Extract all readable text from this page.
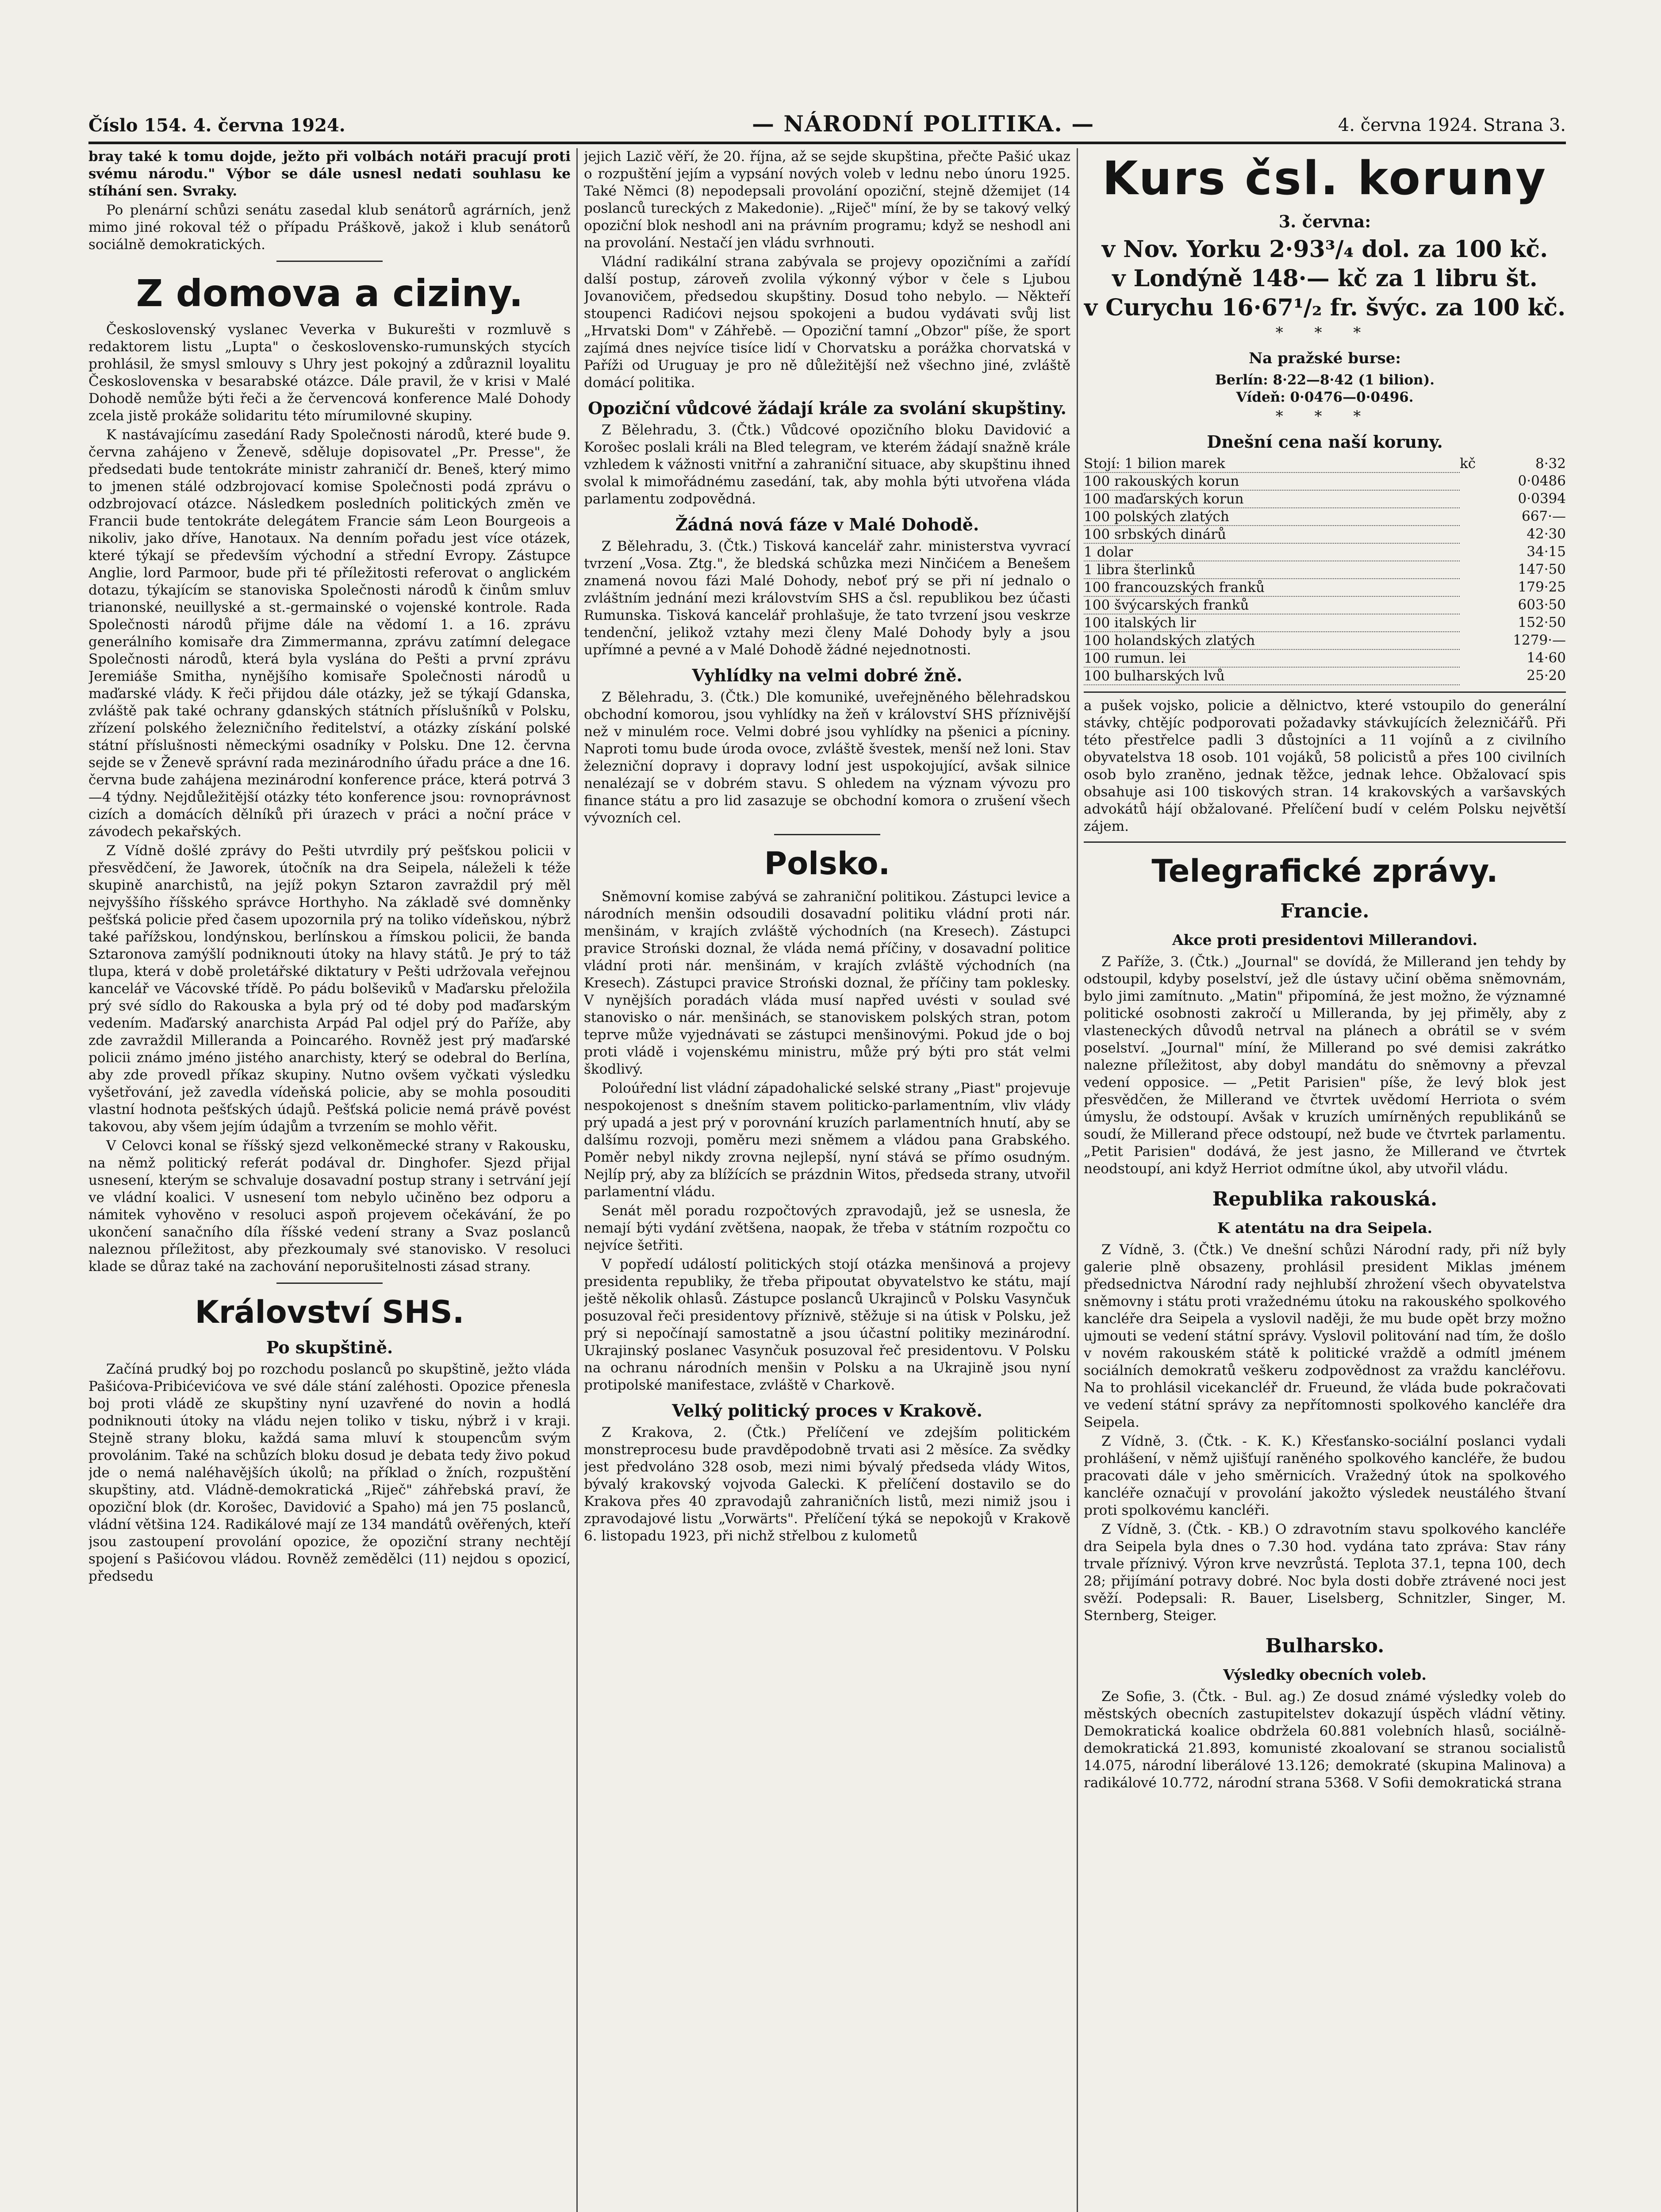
Číslo 154. 4. června 1924.	— NÁRODNÍ POLITIKA. —	4. června 1924. Strana 3.

bray také k tomu dojde, ježto při volbách notáři pracují proti svému národu." Výbor se dále usnesl nedati souhlasu ke stíhání sen. Svraky.

Po plenární schůzi senátu zasedal klub senátorů agrárních, jenž mimo jiné rokoval též o případu Práškově, jakož i klub senátorů sociálně demokratických.

Z domova a ciziny.

Československý vyslanec Veverka v Bukurešti v rozmluvě s redaktorem listu „Lupta" o československo-rumunských stycích prohlásil, že smysl smlouvy s Uhry jest pokojný a zdůraznil loyalitu Československa v besarabské otázce. Dále pravil, že v krisi v Malé Dohodě nemůže býti řeči a že červencová konference Malé Dohody zcela jistě prokáže solidaritu této mírumilovné skupiny.

K nastávajícímu zasedání Rady Společnosti národů, které bude 9. června zahájeno v Ženevě, sděluje dopisovatel „Pr. Presse", že předsedati bude tentokráte ministr zahraničí dr. Beneš, který mimo to jmenen stálé odzbrojovací komise Společnosti podá zprávu o odzbrojovací otázce. Následkem posledních politických změn ve Francii bude tentokráte delegátem Francie sám Leon Bourgeois a nikoliv, jako dříve, Hanotaux. Na denním pořadu jest více otázek, které týkají se především východní a střední Evropy. Zástupce Anglie, lord Parmoor, bude při té příležitosti referovat o anglickém dotazu, týkajícím se stanoviska Společnosti národů k činům smluv trianonské, neuillyské a st.-germainské o vojenské kontrole. Rada Společnosti národů přijme dále na vědomí 1. a 16. zprávu generálního komisaře dra Zimmermanna, zprávu zatímní delegace Společnosti národů, která byla vyslána do Pešti a první zprávu Jeremiáše Smitha, nynějšího komisaře Společnosti národů u maďarské vlády. K řeči přijdou dále otázky, jež se týkají Gdanska, zvláště pak také ochrany gdanských státních příslušníků v Polsku, zřízení polského železničního ředitelství, a otázky získání polské státní příslušnosti německými osadníky v Polsku. Dne 12. června sejde se v Ženevě správní rada mezinárodního úřadu práce a dne 16. června bude zahájena mezinárodní konference práce, která potrvá 3—4 týdny. Nejdůležitější otázky této konference jsou: rovnoprávnost cizích a domácích dělníků při úrazech v práci a noční práce v závodech pekařských.

Z Vídně došlé zprávy do Pešti utvrdily prý pešťskou policii v přesvědčení, že Jaworek, útočník na dra Seipela, náleželi k téže skupině anarchistů, na jejíž pokyn Sztaron zavraždil prý měl nejvyššího říšského správce Horthyho. Na základě své domněnky pešťská policie před časem upozornila prý na toliko vídeňskou, nýbrž také pařížskou, londýnskou, berlínskou a římskou policii, že banda Sztaronova zamýšlí podniknouti útoky na hlavy států. Je prý to táž tlupa, která v době proletářské diktatury v Pešti udržovala veřejnou kancelář ve Vácovské třídě. Po pádu bolševiků v Maďarsku přeložila prý své sídlo do Rakouska a byla prý od té doby pod maďarským vedením. Maďarský anarchista Arpád Pal odjel prý do Paříže, aby zde zavraždil Millerandа a Poincarého. Rovněž jest prý maďarské policii známo jméno jistého anarchisty, který se odebral do Berlína, aby zde provedl příkaz skupiny. Nutno ovšem vyčkati výsledku vyšetřování, jež zavedla vídeňská policie, aby se mohla posouditi vlastní hodnota pešťských údajů. Pešťská policie nemá právě povést takovou, aby všem jejím údajům a tvrzením se mohlo věřit.

V Celovci konal se říšský sjezd velkoněmecké strany v Rakousku, na němž politický referát podával dr. Dinghofer. Sjezd přijal usnesení, kterým se schvaluje dosavadní postup strany i setrvání její ve vládní koalici. V usnesení tom nebylo učiněno bez odporu a námitek vyhověno v resoluci aspoň projevem očekávání, že po ukončení sanačního díla říšské vedení strany a Svaz poslanců naleznou příležitost, aby přezkoumaly své stanovisko. V resoluci klade se důraz také na zachování neporušitelnosti zásad strany.

Království SHS.
Po skupštině.

Začíná prudký boj po rozchodu poslanců po skupštině, ježto vláda Pašićova-Pribićevićova ve své dále stání zaléhosti. Opozice přenesla boj proti vládě ze skupštiny nyní uzavřené do novin a hodlá podniknouti útoky na vládu nejen toliko v tisku, nýbrž i v kraji. Stejně strany bloku, každá sama mluví k stoupencům svým provolánim. Také na schůzích bloku dosud je debata tedy živo pokud jde o nemá naléhavějších úkolů; na příklad o žních, rozpuštění skupštiny, atd. Vládně-demokratická „Riječ" záhřebská praví, že opoziční blok (dr. Korošec, Davidović a Spaho) má jen 75 poslanců, vládní většina 124. Radikálové mají ze 134 mandátů ověřených, kteří jsou zastoupení provolání opozice, že opoziční strany nechtějí spojení s Pašićovou vládou. Rovněž zemědělci (11) nejdou s opozicí, předsedu

jejich Lazič věří, že 20. října, až se sejde skupština, přečte Pašić ukaz o rozpuštění jejím a vypsání nových voleb v lednu nebo únoru 1925. Také Němci (8) nepodepsali provolání opoziční, stejně džemijet (14 poslanců tureckých z Makedonie). „Riječ" míní, že by se takový velký opoziční blok neshodl ani na právním programu; když se neshodl ani na provolání. Nestačí jen vládu svrhnouti.

Vládní radikální strana zabývala se projevy opozičními a zařídí další postup, zároveň zvolila výkonný výbor v čele s Ljubou Jovanovičem, předsedou skupštiny. Dosud toho nebylo. — Někteří stoupenci Radićovi nejsou spokojeni a budou vydávati svůj list „Hrvatski Dom" v Záhřebě. — Opoziční tamní „Obzor" píše, že sport zajímá dnes nejvíce tisíce lidí v Chorvatsku a porážka chorvatská v Paříži od Uruguay je pro ně důležitější než všechno jiné, zvláště domácí politika.

Opoziční vůdcové žádají krále za svolání skupštiny.

Z Bělehradu, 3. (Čtk.) Vůdcové opozičního bloku Davidović a Korošec poslali králi na Bled telegram, ve kterém žádají snažně krále vzhledem k vážnosti vnitřní a zahraniční situace, aby skupštinu ihned svolal k mimořádnému zasedání, tak, aby mohla býti utvořena vláda parlamentu zodpovědná.

Žádná nová fáze v Malé Dohodě.

Z Bělehradu, 3. (Čtk.) Tisková kancelář zahr. ministerstva vyvrací tvrzení „Vosa. Ztg.", že bledská schůzka mezi Ninčićem a Benešem znamená novou fázi Malé Dohody, neboť prý se při ní jednalo o zvláštním jednání mezi královstvím SHS a čsl. republikou bez účasti Rumunska. Tisková kancelář prohlašuje, že tato tvrzení jsou veskrze tendenční, jelikož vztahy mezi členy Malé Dohody byly a jsou upřímné a pevné a v Malé Dohodě žádné nejednotnosti.

Vyhlídky na velmi dobré žně.

Z Bělehradu, 3. (Čtk.) Dle komuniké, uveřejněného bělehradskou obchodní komorou, jsou vyhlídky na žeň v království SHS příznivější než v minulém roce. Velmi dobré jsou vyhlídky na pšenici a pícniny. Naproti tomu bude úroda ovoce, zvláště švestek, menší než loni. Stav železniční dopravy i dopravy lodní jest uspokojující, avšak silnice nenalézají se v dobrém stavu. S ohledem na význam vývozu pro finance státu a pro lid zasazuje se obchodní komora o zrušení všech vývozních cel.

Polsko.

Sněmovní komise zabývá se zahraniční politikou. Zástupci levice a národních menšin odsoudili dosavadní politiku vládní proti nár. menšinám, v krajích zvláště východních (na Kresech). Zástupci pravice Stroński doznal, že vláda nemá příčiny, v dosavadní politice vládní proti nár. menšinám, v krajích zvláště východních (na Kresech). Zástupci pravice Stroński doznal, že příčiny tam poklesky. V nynějších poradách vláda musí napřed uvésti v soulad své stanovisko o nár. menšinách, se stanoviskem polských stran, potom teprve může vyjednávati se zástupci menšinovými. Pokud jde o boj proti vládě i vojenskému ministru, může prý býti pro stát velmi škodlivý.

Poloúřední list vládní západohalické selské strany „Piast" projevuje nespokojenost s dnešním stavem politicko-parlamentním, vliv vlády prý upadá a jest prý v porovnání kruzích parlamentních hnutí, aby se dalšímu rozvoji, poměru mezi sněmem a vládou pana Grabského. Poměr nebyl nikdy zrovna nejlepší, nyní stává se přímo osudným. Nejlíp prý, aby za blížících se prázdnin Witos, předseda strany, utvořil parlamentní vládu.

Senát měl poradu rozpočtových zpravodajů, jež se usnesla, že nemají býti vydání zvětšena, naopak, že třeba v státním rozpočtu co nejvíce šetřiti.

V popředí událostí politických stojí otázka menšinová a projevy presidenta republiky, že třeba připoutat obyvatelstvo ke státu, mají ještě několik ohlasů. Zástupce poslanců Ukrajinců v Polsku Vasynčuk posuzoval řeči presidentovy příznivě, stěžuje si na útisk v Polsku, jež prý si nepočínají samostatně a jsou účastní politiky mezinárodní. Ukrajinský poslanec Vasynčuk posuzoval řeč presidentovu. V Polsku na ochranu národních menšin v Polsku a na Ukrajině jsou nyní protipolské manifestace, zvláště v Charkově.

Velký politický proces v Krakově.

Z Krakova, 2. (Čtk.) Přelíčení ve zdejším politickém monstreprocesu bude pravděpodobně trvati asi 2 měsíce. Za svědky jest předvoláno 328 osob, mezi nimi bývalý předseda vlády Witos, bývalý krakovský vojvoda Galecki. K přelíčení dostavilo se do Krakova přes 40 zpravodajů zahraničních listů, mezi nimiž jsou i zpravodajové listu „Vorwärts". Přelíčení týká se nepokojů v Krakově 6. listopadu 1923, při nichž střelbou z kulometů

Kurs čsl. koruny
3. června:
v Nov. Yorku 2·93³/₄ dol. za 100 kč.
v Londýně 148·— kč za 1 libru št.
v Curychu 16·67¹/₂ fr. švýc. za 100 kč.
* * *
Na pražské burse:
Berlín: 8·22—8·42 (1 bilion).
Vídeň: 0·0476—0·0496.
* * *
Dnešní cena naší koruny.
Stojí: 1 bilion marek	kč	8·32
100 rakouských korun		0·0486
100 maďarských korun		0·0394
100 polských zlatých		667·—
100 srbských dinárů		42·30
1 dolar		34·15
1 libra šterlinků		147·50
100 francouzských franků		179·25
100 švýcarských franků		603·50
100 italských lir		152·50
100 holandských zlatých		1279·—
100 rumun. lei		14·60
100 bulharských lvů		25·20

a pušek vojsko, policie a dělnictvo, které vstoupilo do generální stávky, chtějíc podporovati požadavky stávkujících železničářů. Při této přestřelce padli 3 důstojníci a 11 vojínů a z civilního obyvatelstva 18 osob. 101 vojáků, 58 policistů a přes 100 civilních osob bylo zraněno, jednak těžce, jednak lehce. Obžalovací spis obsahuje asi 100 tiskových stran. 14 krakovských a varšavských advokátů hájí obžalované. Přelíčení budí v celém Polsku největší zájem.

Telegrafické zprávy.
Francie.
Akce proti presidentovi Millerandovi.

Z Paříže, 3. (Čtk.) „Journal" se dovídá, že Millerand jen tehdy by odstoupil, kdyby poselství, jež dle ústavy učiní oběma sněmovnám, bylo jimi zamítnuto. „Matin" připomíná, že jest možno, že významné politické osobnosti zakročí u Milleranda, by jej přiměly, aby z vlasteneckých důvodů netrval na plánech a obrátil se v svém poselství. „Journal" míní, že Millerand po své demisi zakrátko nalezne příležitost, aby dobyl mandátu do sněmovny a převzal vedení opposice. — „Petit Parisien" píše, že levý blok jest přesvědčen, že Millerand ve čtvrtek uvědomí Herriota o svém úmyslu, že odstoupí. Avšak v kruzích umírněných republikánů se soudí, že Millerand přece odstoupí, než bude ve čtvrtek parlamentu. „Petit Parisien" dodává, že jest jasno, že Millerand ve čtvrtek neodstoupí, ani když Herriot odmítne úkol, aby utvořil vládu.

Republika rakouská.
K atentátu na dra Seipela.

Z Vídně, 3. (Čtk.) Ve dnešní schůzi Národní rady, při níž byly galerie plně obsazeny, prohlásil president Miklas jménem předsednictva Národní rady nejhlubší zhrožení všech obyvatelstva sněmovny i státu proti vražednému útoku na rakouského spolkového kancléře dra Seipela a vyslovil naději, že mu bude opět brzy možno ujmouti se vedení státní správy. Vyslovil politování nad tím, že došlo v novém rakouském státě k politické vraždě a odmítl jménem sociálních demokratů veškeru zodpovědnost za vraždu kancléřovu. Na to prohlásil vicekancléř dr. Frueund, že vláda bude pokračovati ve vedení státní správy za nepřítomnosti spolkového kancléře dra Seipela.

Z Vídně, 3. (Čtk. - K. K.) Křesťansko-sociální poslanci vydali prohlášení, v němž ujišťují raněného spolkového kancléře, že budou pracovati dále v jeho směrnicích. Vražedný útok na spolkového kancléře označují v provolání jakožto výsledek neustálého štvaní proti spolkovému kancléři.

Z Vídně, 3. (Čtk. - KB.) O zdravotním stavu spolkového kancléře dra Seipela byla dnes o 7.30 hod. vydána tato zpráva: Stav rány trvale příznivý. Výron krve nevzrůstá. Teplota 37.1, tepna 100, dech 28; přijímání potravy dobré. Noc byla dosti dobře ztrávené noci jest svěží. Podepsali: R. Bauer, Liselsberg, Schnitzler, Singer, M. Sternberg, Steiger.

Bulharsko.
Výsledky obecních voleb.

Ze Sofie, 3. (Čtk. - Bul. ag.) Ze dosud známé výsledky voleb do městských obecních zastupitelstev dokazují úspěch vládní větiny. Demokratická koalice obdržela 60.881 volebních hlasů, sociálně-demokratická 21.893, komunisté zkoalovaní se stranou socialistů 14.075, národní liberálové 13.126; demokraté (skupina Malinova) a radikálové 10.772, národní strana 5368. V Sofii demokratická strana
